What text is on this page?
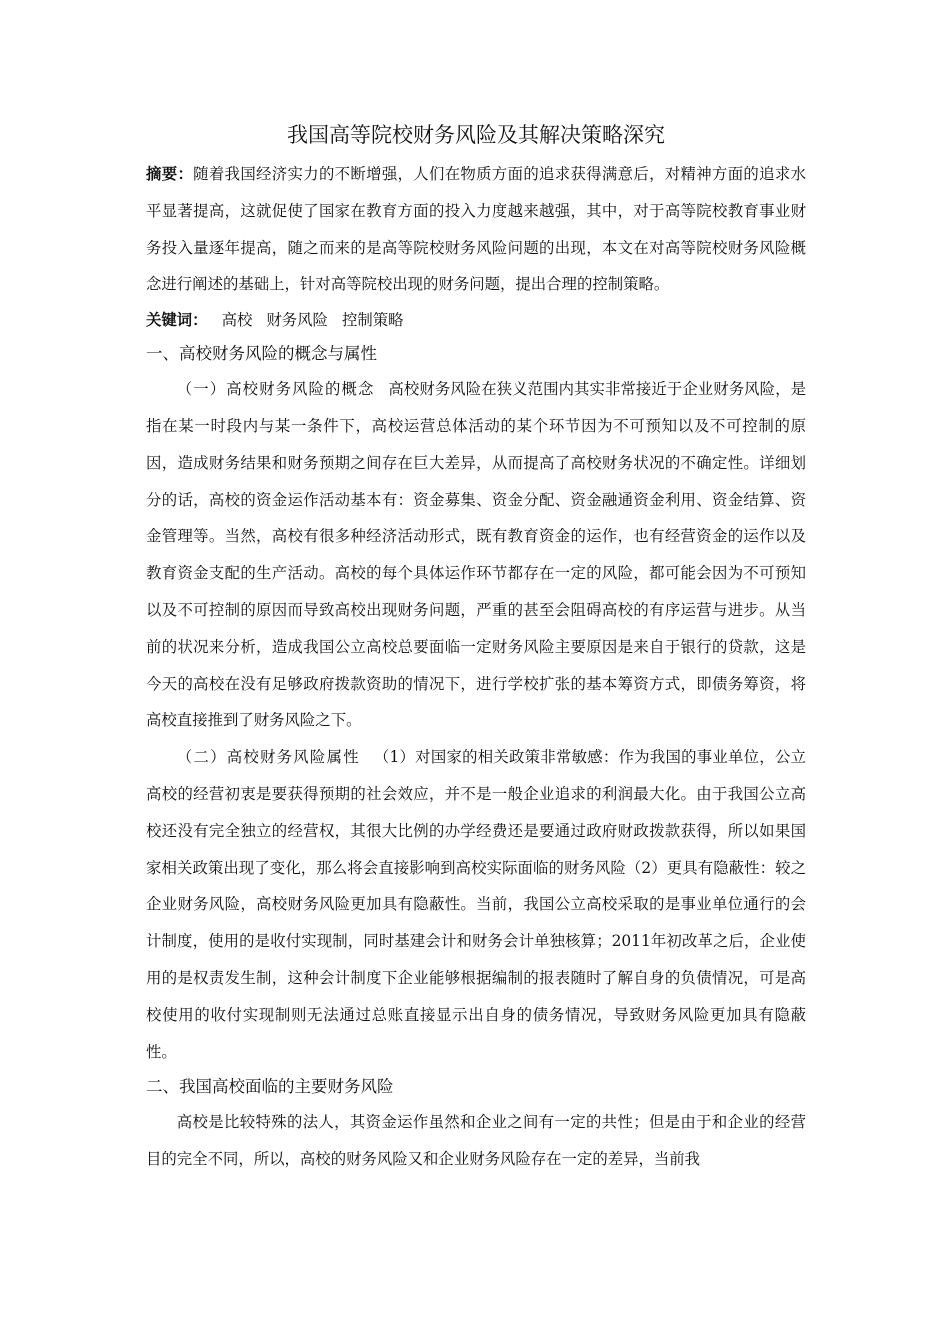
我国高等院校财务风险及其解决策略深究

摘要：随着我国经济实力的不断增强，人们在物质方面的追求获得满意后，对精神方面的追求水平显著提高，这就促使了国家在教育方面的投入力度越来越强，其中，对于高等院校教育事业财务投入量逐年提高，随之而来的是高等院校财务风险问题的出现，本文在对高等院校财务风险概念进行阐述的基础上，针对高等院校出现的财务问题，提出合理的控制策略。

关键词： 高校 财务风险 控制策略

一、高校财务风险的概念与属性

（一）高校财务风险的概念 高校财务风险在狭义范围内其实非常接近于企业财务风险，是指在某一时段内与某一条件下，高校运营总体活动的某个环节因为不可预知以及不可控制的原因，造成财务结果和财务预期之间存在巨大差异，从而提高了高校财务状况的不确定性。详细划分的话，高校的资金运作活动基本有：资金募集、资金分配、资金融通资金利用、资金结算、资金管理等。当然，高校有很多种经济活动形式，既有教育资金的运作，也有经营资金的运作以及教育资金支配的生产活动。高校的每个具体运作环节都存在一定的风险，都可能会因为不可预知以及不可控制的原因而导致高校出现财务问题，严重的甚至会阻碍高校的有序运营与进步。从当前的状况来分析，造成我国公立高校总要面临一定财务风险主要原因是来自于银行的贷款，这是今天的高校在没有足够政府拨款资助的情况下，进行学校扩张的基本筹资方式，即债务筹资，将高校直接推到了财务风险之下。

（二）高校财务风险属性 （1）对国家的相关政策非常敏感：作为我国的事业单位，公立高校的经营初衷是要获得预期的社会效应，并不是一般企业追求的利润最大化。由于我国公立高校还没有完全独立的经营权，其很大比例的办学经费还是要通过政府财政拨款获得，所以如果国家相关政策出现了变化，那么将会直接影响到高校实际面临的财务风险（2）更具有隐蔽性：较之企业财务风险，高校财务风险更加具有隐蔽性。当前，我国公立高校采取的是事业单位通行的会计制度，使用的是收付实现制，同时基建会计和财务会计单独核算；2011年初改革之后，企业使用的是权责发生制，这种会计制度下企业能够根据编制的报表随时了解自身的负债情况，可是高校使用的收付实现制则无法通过总账直接显示出自身的债务情况，导致财务风险更加具有隐蔽性。

二、我国高校面临的主要财务风险

高校是比较特殊的法人，其资金运作虽然和企业之间有一定的共性；但是由于和企业的经营目的完全不同，所以，高校的财务风险又和企业财务风险存在一定的差异，当前我
